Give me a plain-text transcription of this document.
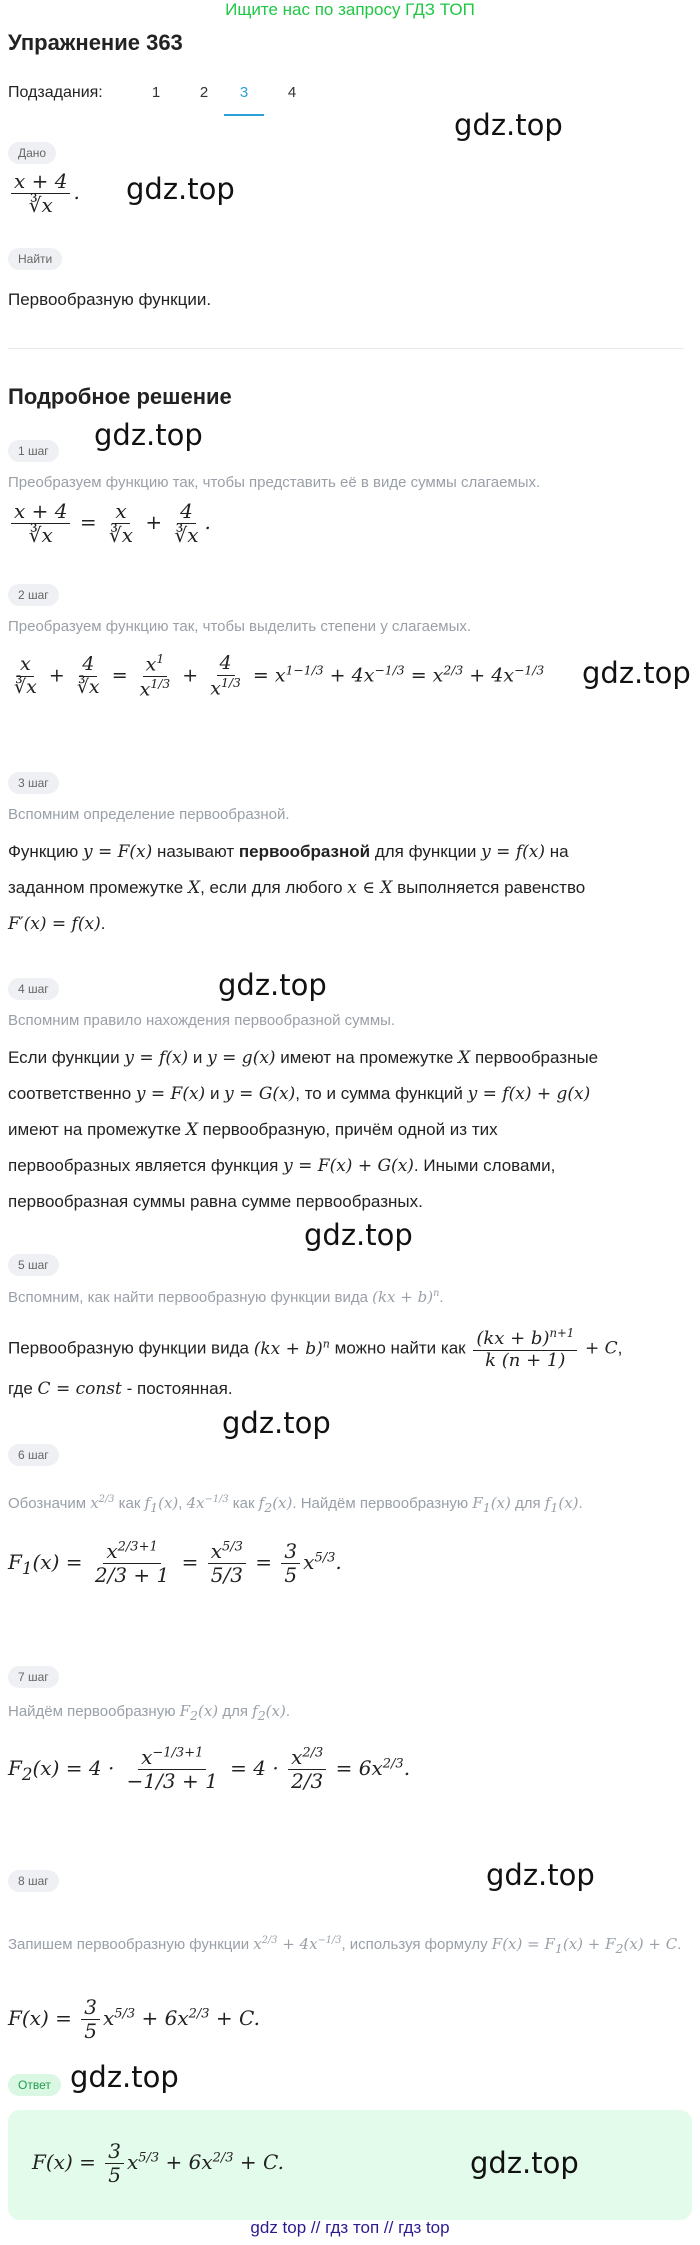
Ищите нас по запросу ГДЗ ТОП
Упражнение 363
Подзадания:	1	2	3	4
gdz.top
Дано
$\frac{x + 4}{∛x}$ . gdz.top
Найти
Первообразную функции.
Подробное решение
gdz.top
1 шаг
Преобразуем функцию так, чтобы представить её в виде суммы слагаемых.
$\frac{x + 4}{∛x} = \frac{x}{∛x} + \frac{4}{∛x}$ .
2 шаг
Преобразуем функцию так, чтобы выделить степени у слагаемых.
$\frac{x}{∛x} + \frac{4}{∛x} = \frac{x^1}{x^{1/3}} + \frac{4}{x^{1/3}} = x^{1-1/3} + 4x^{-1/3} = x^{2/3} + 4x^{-1/3}$ gdz.top
3 шаг
Вспомним определение первообразной.
Функцию y = F(x) называют первообразной для функции y = f(x) на
заданном промежутке X, если для любого x ∈ X выполняется равенство
F′(x) = f(x).
4 шаг	gdz.top
Вспомним правило нахождения первообразной суммы.
Если функции y = f(x) и y = g(x) имеют на промежутке X первообразные
соответственно y = F(x) и y = G(x), то и сумма функций y = f(x) + g(x)
имеют на промежутке X первообразную, причём одной из тих
первообразных является функция y = F(x) + G(x). Иными словами,
первообразная суммы равна сумме первообразных.
gdz.top
5 шаг
Вспомним, как найти первообразную функции вида (kx + b)$^n$.
Первообразную функции вида (kx + b)$^n$ можно найти как $\frac{(kx + b)^{n+1}}{k (n + 1)} + C$,
где C = const - постоянная.
gdz.top
6 шаг
Обозначим $x^{2/3}$ как $f_1(x)$, $4x^{-1/3}$ как $f_2(x)$. Найдём первообразную $F_1(x)$ для $f_1(x)$.
$F_1(x) = \frac{x^{2/3+1}}{2/3 + 1} = \frac{x^{5/3}}{5/3} = \frac{3}{5} x^{5/3}$.
7 шаг
Найдём первообразную $F_2(x)$ для $f_2(x)$.
$F_2(x) = 4 \cdot \frac{x^{-1/3+1}}{-1/3 + 1} = 4 \cdot \frac{x^{2/3}}{2/3} = 6x^{2/3}$.
gdz.top
8 шаг
Запишем первообразную функции $x^{2/3} + 4x^{-1/3}$, используя формулу $F(x) = F_1(x) + F_2(x) + C$.
$F(x) = \frac{3}{5} x^{5/3} + 6x^{2/3} + C$.
Ответ gdz.top
$F(x) = \frac{3}{5} x^{5/3} + 6x^{2/3} + C$.	gdz.top
gdz top // гдз топ // гдз top
